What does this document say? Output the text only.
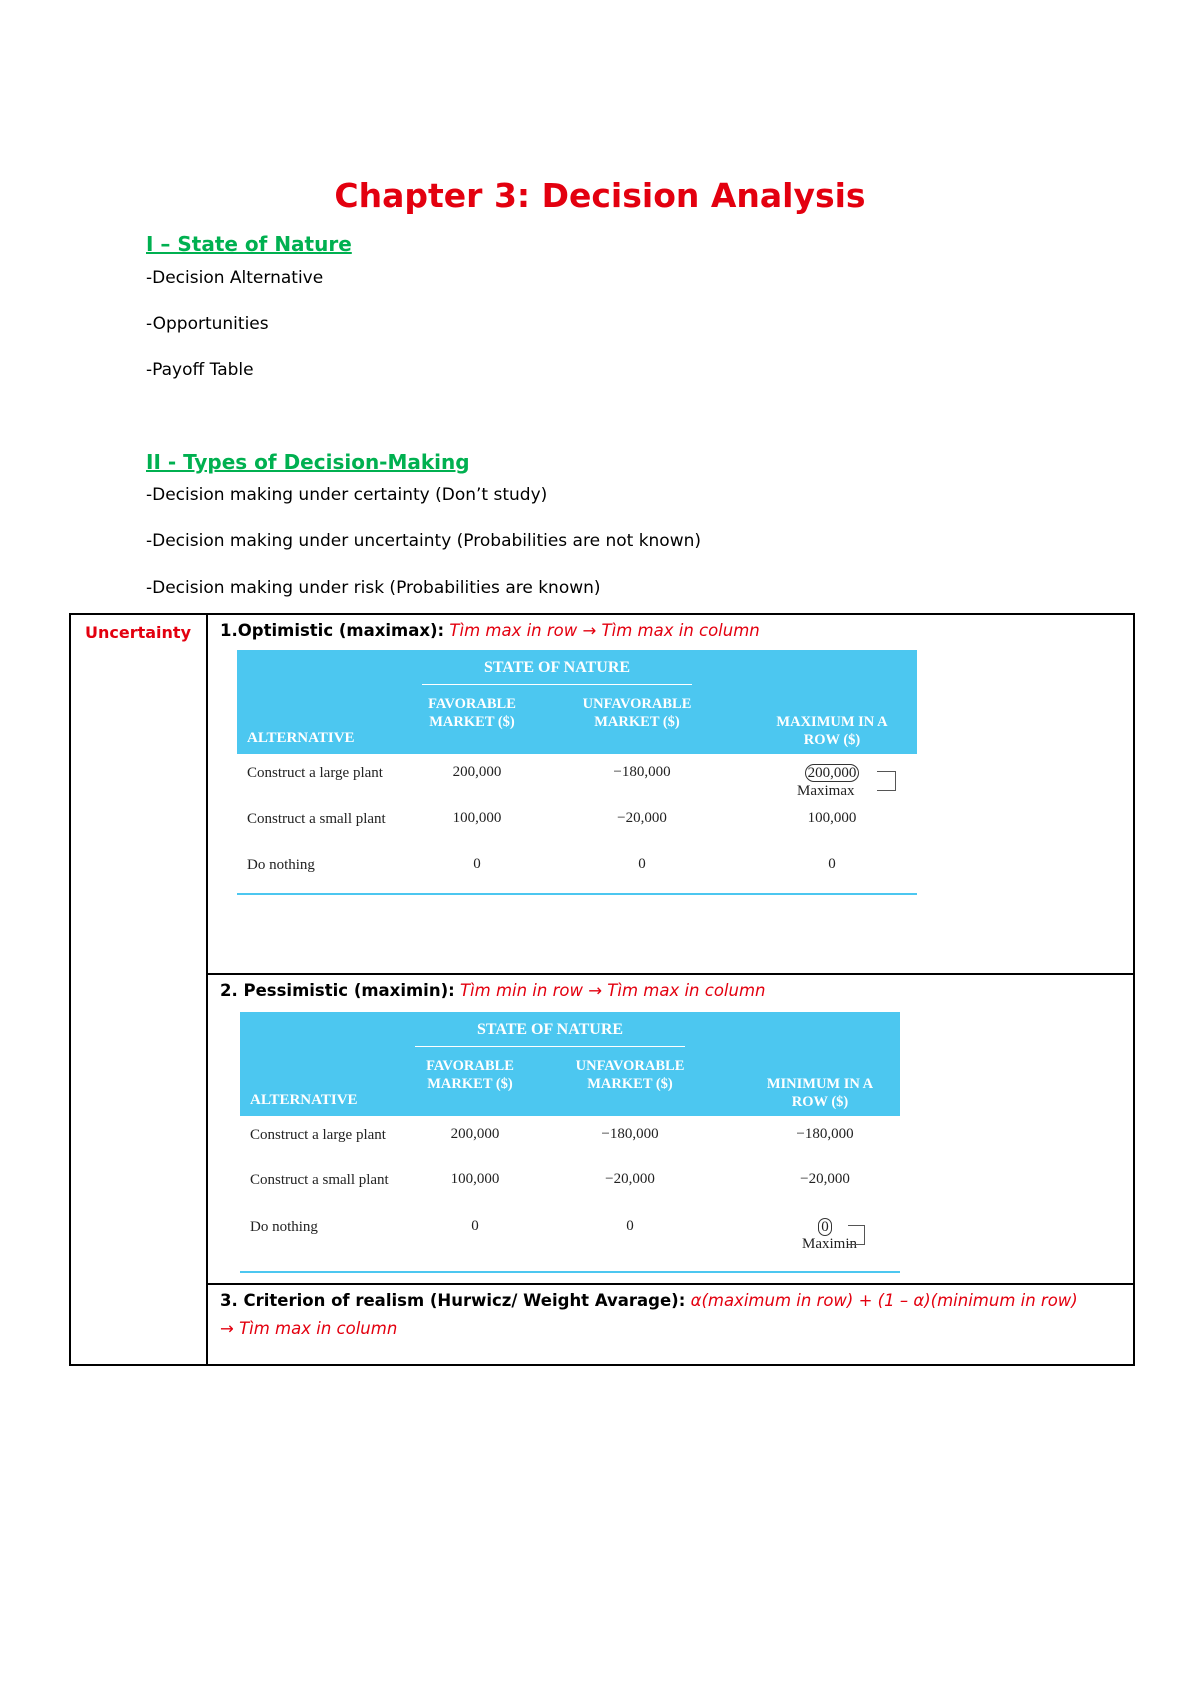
Chapter 3: Decision Analysis
I – State of Nature
-Decision Alternative
-Opportunities
-Payoff Table
II - Types of Decision-Making
-Decision making under certainty (Don’t study)
-Decision making under uncertainty (Probabilities are not known)
-Decision making under risk (Probabilities are known)
Uncertainty 1.Optimistic (maximax): Tìm max in row → Tìm max in column
STATE OF NATURE
FAVORABLE MARKET ($)
UNFAVORABLE MARKET ($)	MAXIMUM IN A ROW ($)
ALTERNATIVE
Construct a large plant	200,000	−180,000	200,000
Maximax
Construct a small plant	100,000	−20,000	100,000
Do nothing	0	0	0
2. Pessimistic (maximin): Tìm min in row → Tìm max in column
STATE OF NATURE
FAVORABLE MARKET ($)
UNFAVORABLE MARKET ($)	MINIMUM IN A ROW ($)
ALTERNATIVE
Construct a large plant	200,000	−180,000	−180,000
Construct a small plant	100,000	−20,000	−20,000
Do nothing	0	0	0
Maximin
3. Criterion of realism (Hurwicz/ Weight Avarage): α(maximum in row) + (1 – α)(minimum in row)
→ Tìm max in column
